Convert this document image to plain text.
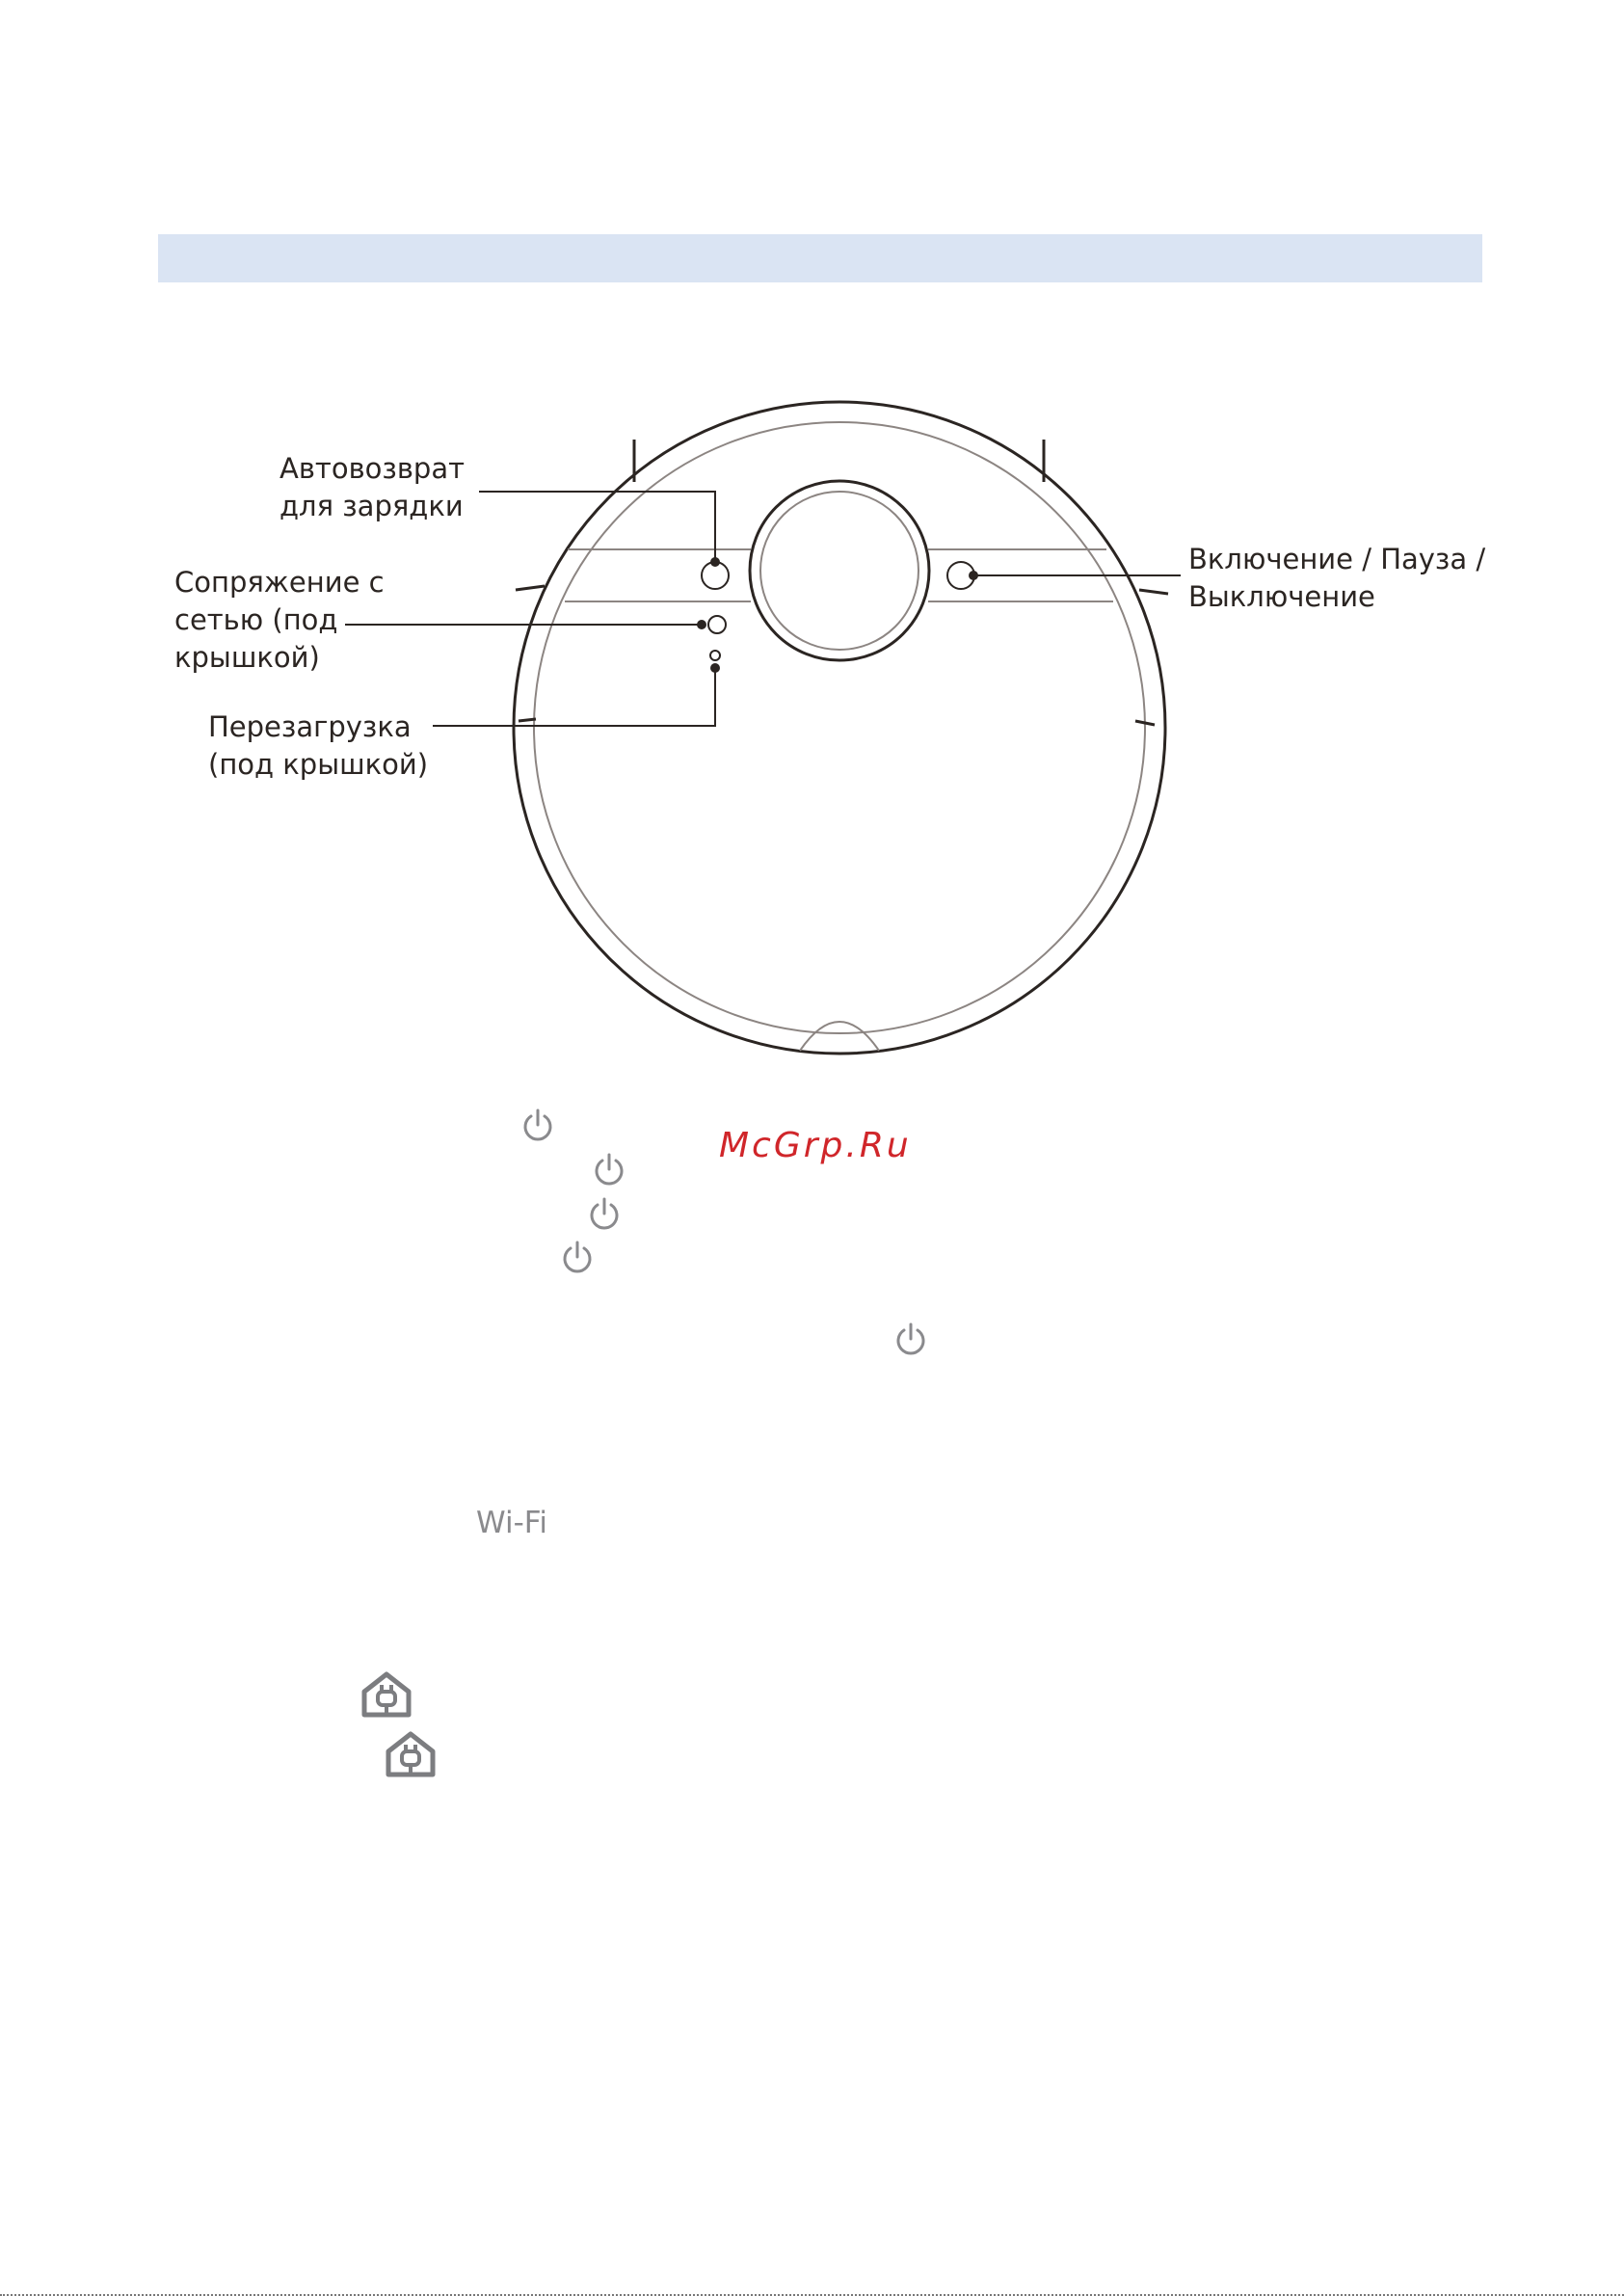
Автовозврат
для зарядки
Сопряжение с
сетью (под
крышкой)
Перезагрузка
(под крышкой)
Включение / Пауза /
Выключение
McGrp.Ru
Wi-Fi
